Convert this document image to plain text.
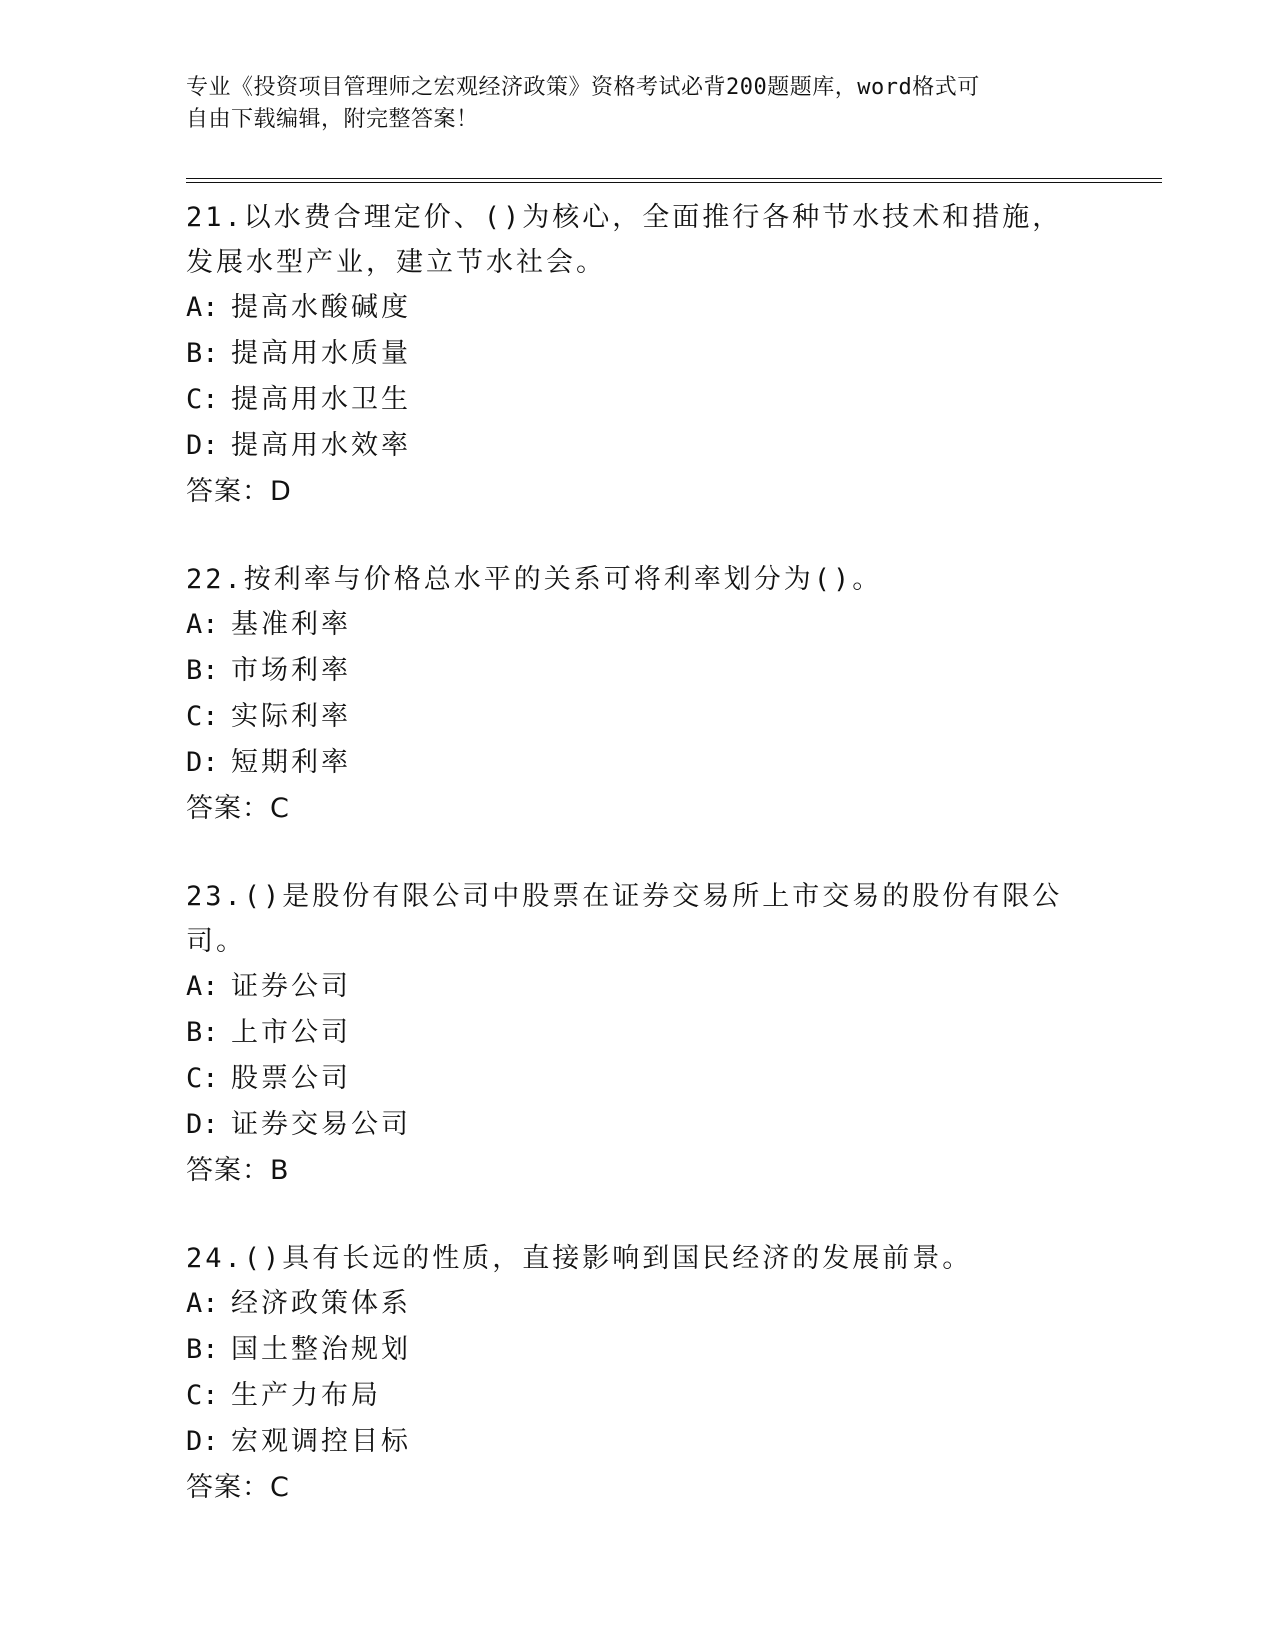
专业《投资项目管理师之宏观经济政策》资格考试必背200题题库，word格式可
自由下载编辑，附完整答案！
21.以水费合理定价、()为核心，全面推行各种节水技术和措施，发展水型产业，建立节水社会。
A: 提高水酸碱度
B: 提高用水质量
C: 提高用水卫生
D: 提高用水效率
答案：D
22.按利率与价格总水平的关系可将利率划分为()。
A: 基准利率
B: 市场利率
C: 实际利率
D: 短期利率
答案：C
23.()是股份有限公司中股票在证券交易所上市交易的股份有限公司。
A: 证券公司
B: 上市公司
C: 股票公司
D: 证券交易公司
答案：B
24.()具有长远的性质，直接影响到国民经济的发展前景。
A: 经济政策体系
B: 国土整治规划
C: 生产力布局
D: 宏观调控目标
答案：C
